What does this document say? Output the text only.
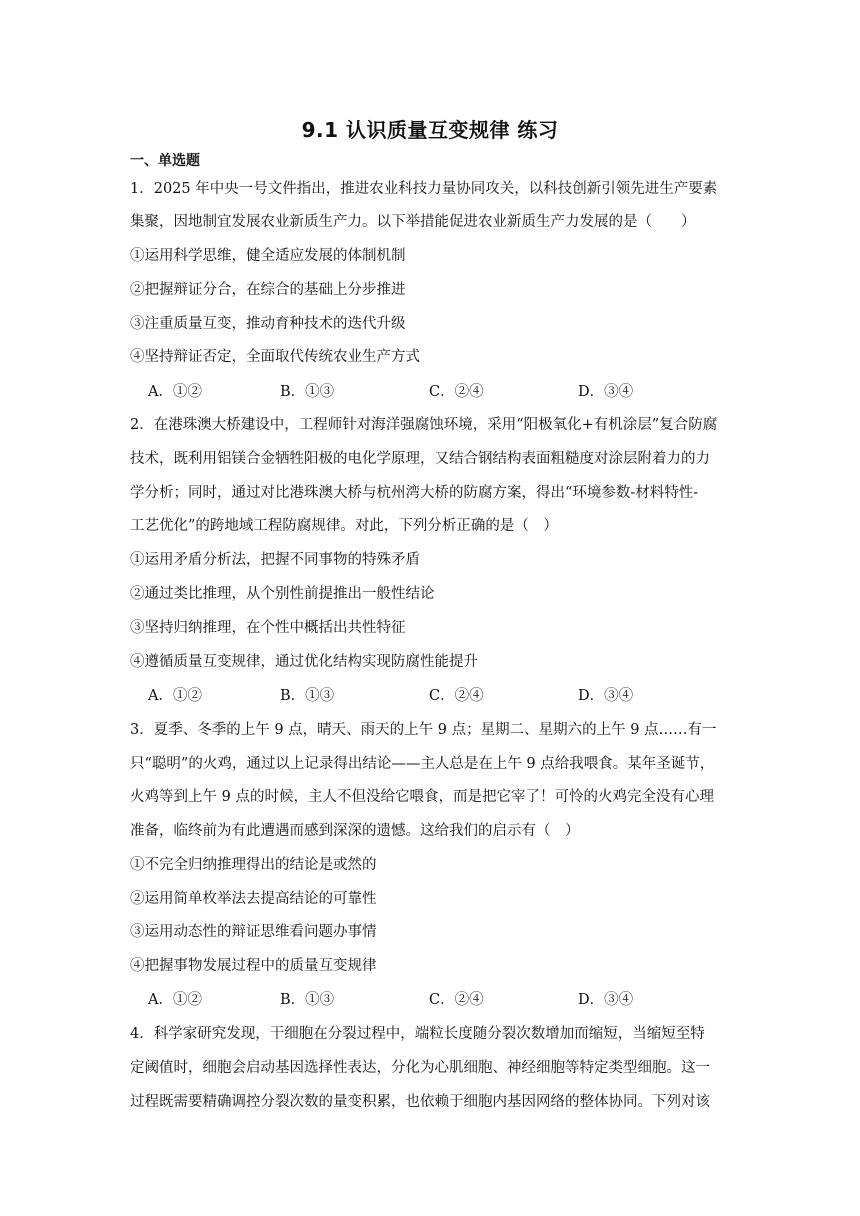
9.1 认识质量互变规律 练习
一、单选题
1．2025 年中央一号文件指出，推进农业科技力量协同攻关，以科技创新引领先进生产要素
集聚，因地制宜发展农业新质生产力。以下举措能促进农业新质生产力发展的是（　　）
①运用科学思维，健全适应发展的体制机制
②把握辩证分合，在综合的基础上分步推进
③注重质量互变，推动育种技术的迭代升级
④坚持辩证否定，全面取代传统农业生产方式
A．①②	B．①③	C．②④	D．③④
2．在港珠澳大桥建设中，工程师针对海洋强腐蚀环境，采用“阳极氧化+有机涂层”复合防腐
技术，既利用铝镁合金牺牲阳极的电化学原理，又结合钢结构表面粗糙度对涂层附着力的力
学分析；同时，通过对比港珠澳大桥与杭州湾大桥的防腐方案，得出“环境参数-材料特性-
工艺优化”的跨地域工程防腐规律。对此，下列分析正确的是（　）
①运用矛盾分析法，把握不同事物的特殊矛盾
②通过类比推理，从个别性前提推出一般性结论
③坚持归纳推理，在个性中概括出共性特征
④遵循质量互变规律，通过优化结构实现防腐性能提升
A．①②	B．①③	C．②④	D．③④
3．夏季、冬季的上午 9 点，晴天、雨天的上午 9 点；星期二、星期六的上午 9 点……有一
只“聪明”的火鸡，通过以上记录得出结论——主人总是在上午 9 点给我喂食。某年圣诞节，
火鸡等到上午 9 点的时候，主人不但没给它喂食，而是把它宰了！可怜的火鸡完全没有心理
准备，临终前为有此遭遇而感到深深的遗憾。这给我们的启示有（　）
①不完全归纳推理得出的结论是或然的
②运用简单枚举法去提高结论的可靠性
③运用动态性的辩证思维看问题办事情
④把握事物发展过程中的质量互变规律
A．①②	B．①③	C．②④	D．③④
4．科学家研究发现，干细胞在分裂过程中，端粒长度随分裂次数增加而缩短，当缩短至特
定阈值时，细胞会启动基因选择性表达，分化为心肌细胞、神经细胞等特定类型细胞。这一
过程既需要精确调控分裂次数的量变积累，也依赖于细胞内基因网络的整体协同。下列对该
